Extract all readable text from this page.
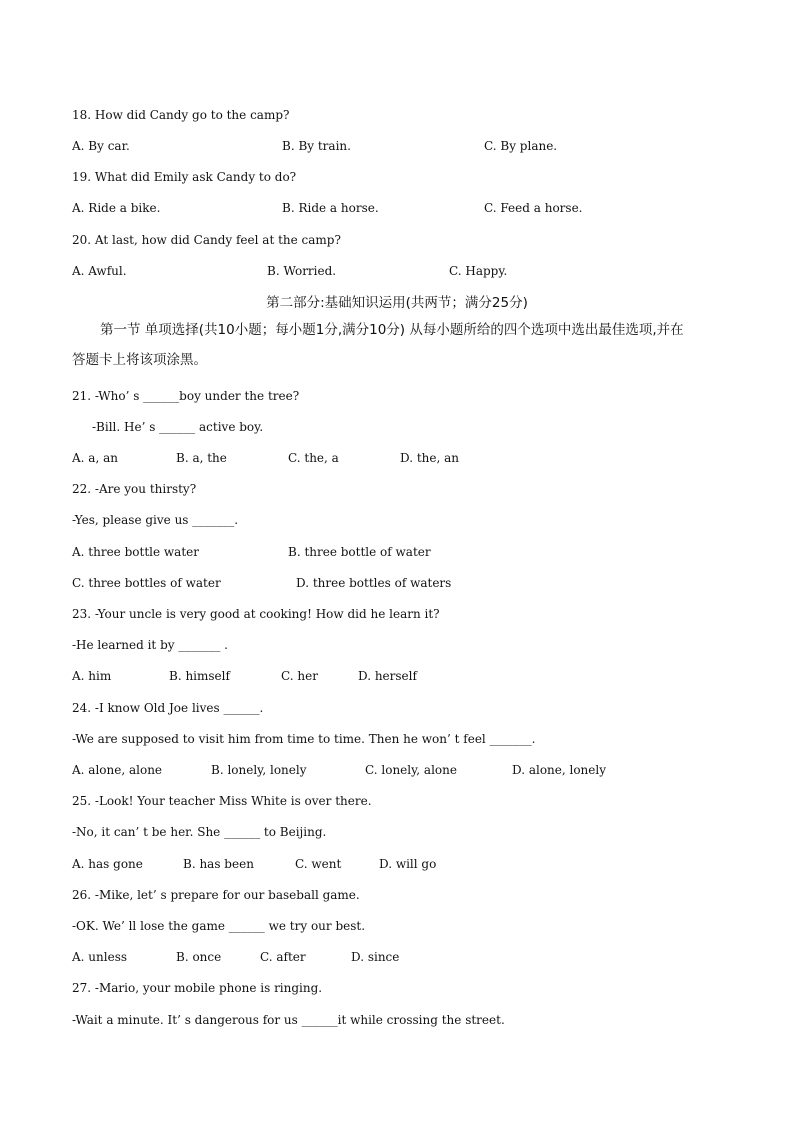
18. How did Candy go to the camp?
A. By car.	B. By train.	C. By plane.
19. What did Emily ask Candy to do?
A. Ride a bike.	B. Ride a horse.	C. Feed a horse.
20. At last, how did Candy feel at the camp?
A. Awful.	B. Worried.	C. Happy.
第二部分:基础知识运用(共两节；满分25分)
第一节 单项选择(共10小题；每小题1分,满分10分) 从每小题所给的四个选项中选出最佳选项,并在
答题卡上将该项涂黑。
21. -Who’ s ______boy under the tree?
-Bill. He’ s ______ active boy.
A. a, an	B. a, the	C. the, a	D. the, an
22. -Are you thirsty?
-Yes, please give us _______.
A. three bottle water	B. three bottle of water
C. three bottles of water	D. three bottles of waters
23. -Your uncle is very good at cooking! How did he learn it?
-He learned it by _______ .
A. him	B. himself	C. her	D. herself
24. -I know Old Joe lives ______.
-We are supposed to visit him from time to time. Then he won’ t feel _______.
A. alone, alone	B. lonely, lonely	C. lonely, alone	D. alone, lonely
25. -Look! Your teacher Miss White is over there.
-No, it can’ t be her. She ______ to Beijing.
A. has gone	B. has been	C. went	D. will go
26. -Mike, let’ s prepare for our baseball game.
-OK. We’ ll lose the game ______ we try our best.
A. unless	B. once	C. after	D. since
27. -Mario, your mobile phone is ringing.
-Wait a minute. It’ s dangerous for us ______it while crossing the street.
